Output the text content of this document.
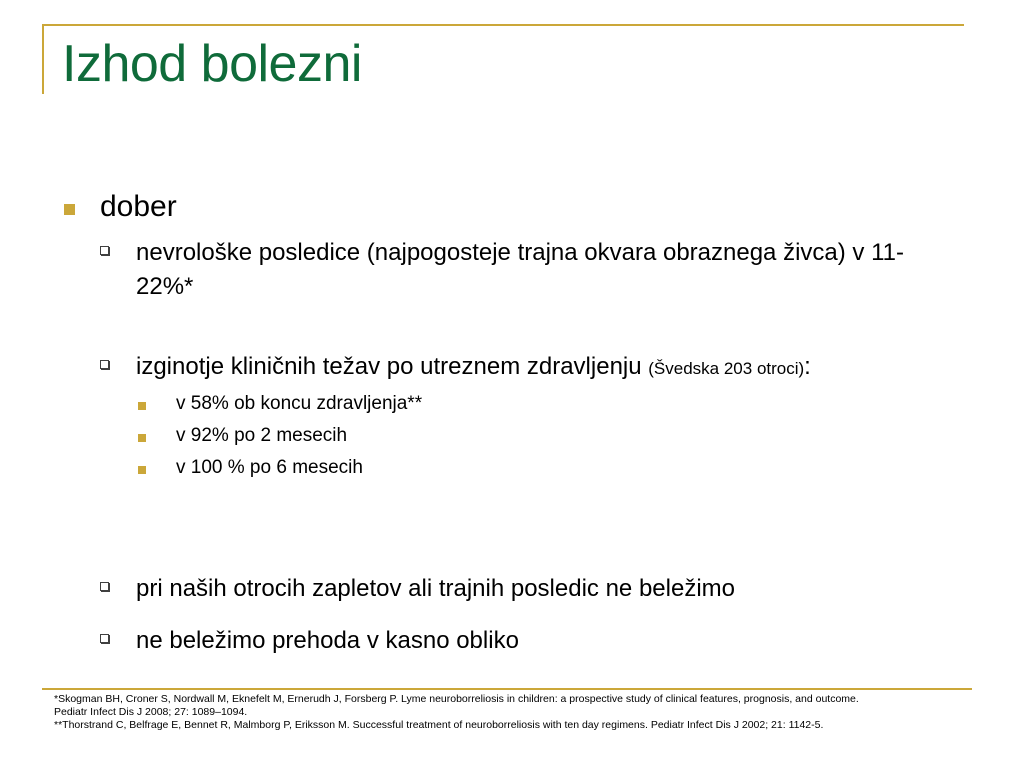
Izhod bolezni
dober
nevrološke posledice (najpogosteje trajna okvara obraznega živca) v 11-22%*
izginotje kliničnih težav po utreznem zdravljenju (Švedska 203 otroci):
v 58% ob koncu zdravljenja**
v 92% po 2 mesecih
v 100 % po 6 mesecih
pri naših otrocih zapletov ali trajnih posledic ne beležimo
ne beležimo prehoda v kasno obliko
*Skogman BH, Croner S, Nordwall M, Eknefelt M, Ernerudh J, Forsberg P. Lyme neuroborreliosis in children: a prospective study of clinical features, prognosis, and outcome.
Pediatr Infect Dis J 2008; 27: 1089–1094.
**Thorstrand C, Belfrage E, Bennet R, Malmborg P, Eriksson M. Successful treatment of neuroborreliosis with ten day regimens. Pediatr Infect Dis J 2002; 21: 1142-5.
